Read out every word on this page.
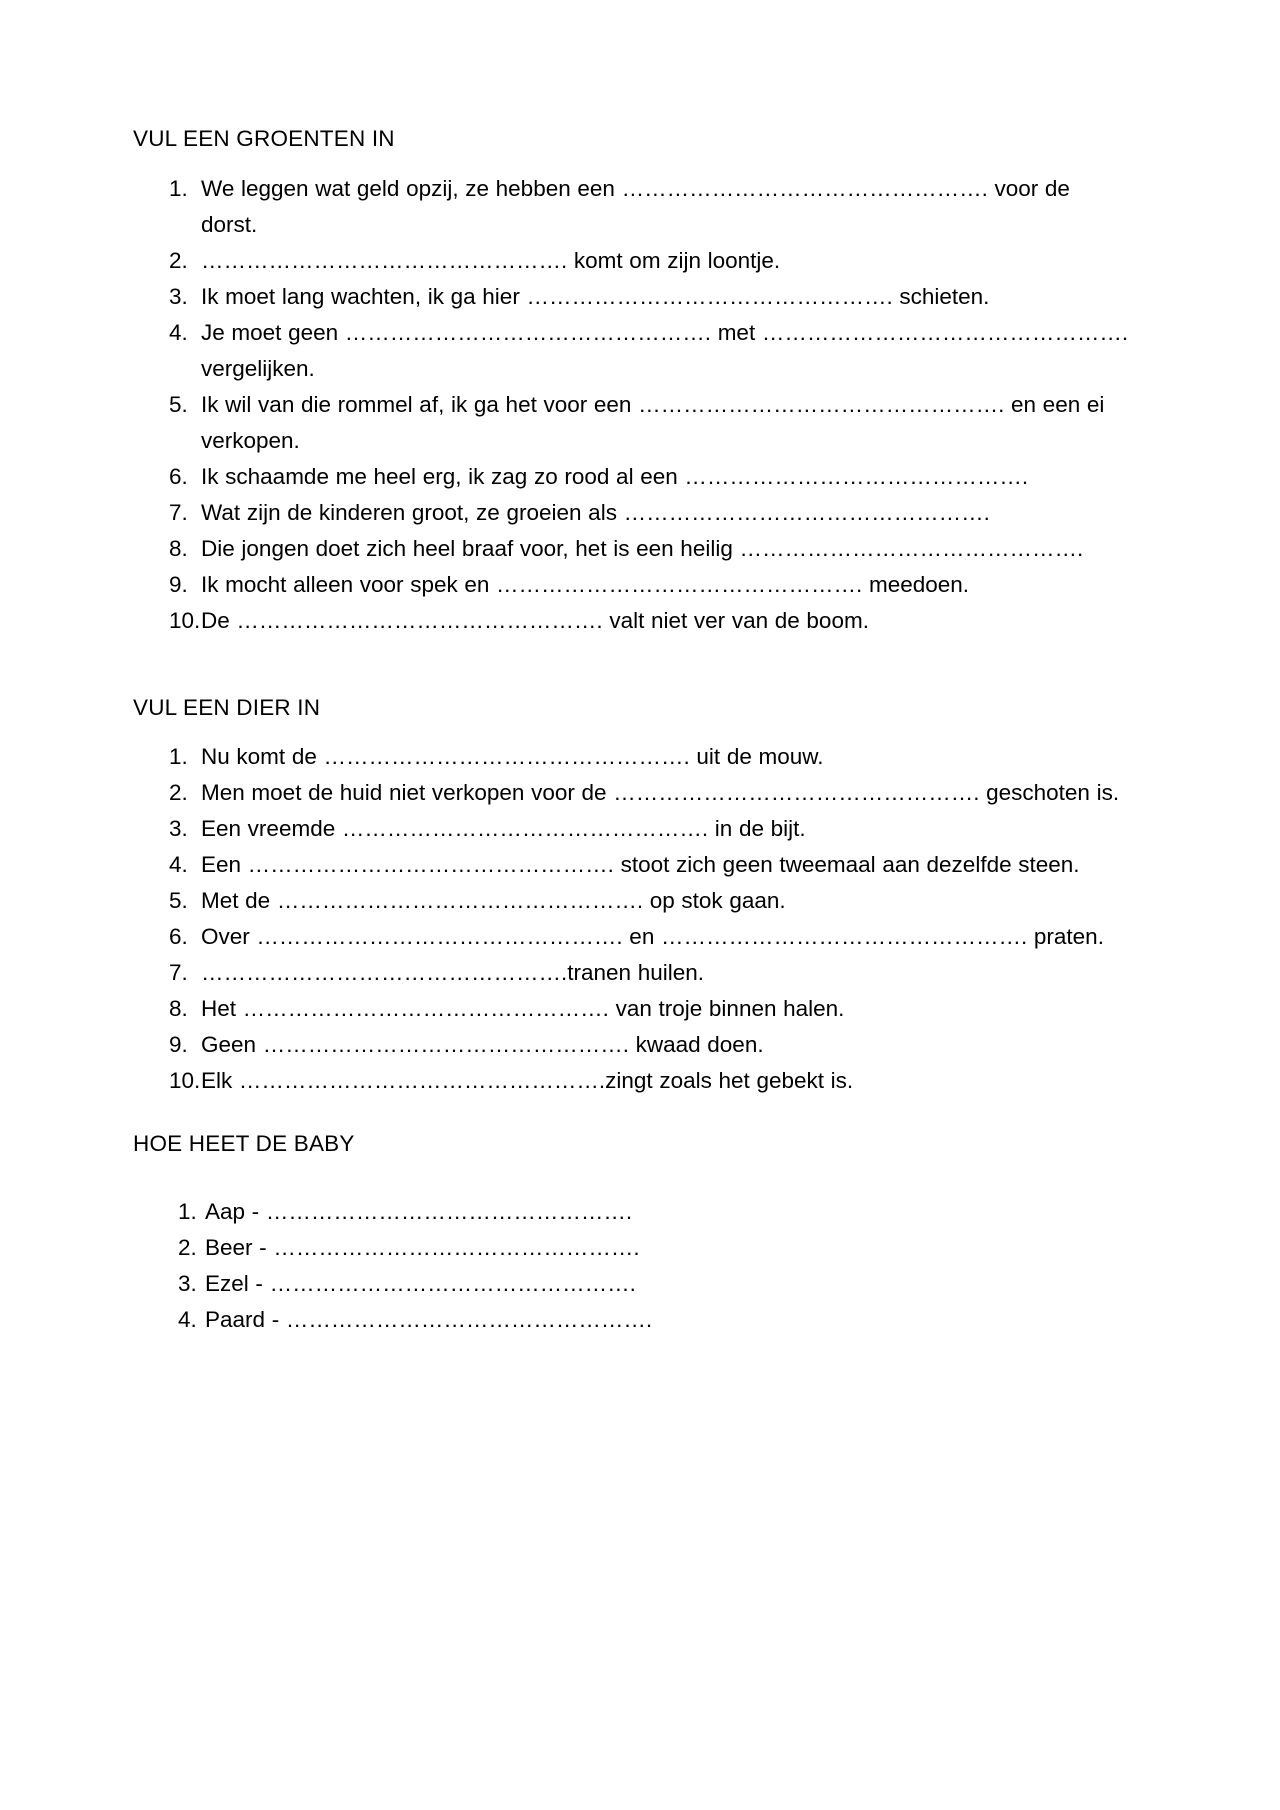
VUL EEN GROENTEN IN
1. We leggen wat geld opzij, ze hebben een …………………………………………. voor de dorst.
2. …………………………………………. komt om zijn loontje.
3. Ik moet lang wachten, ik ga hier …………………………………………. schieten.
4. Je moet geen …………………………………………. met …………………………………………. vergelijken.
5. Ik wil van die rommel af, ik ga het voor een …………………………………………. en een ei verkopen.
6. Ik schaamde me heel erg, ik zag zo rood al een ……………………………………….
7. Wat zijn de kinderen groot, ze groeien als ………………………………………….
8. Die jongen doet zich heel braaf voor, het is een heilig ……………………………………….
9. Ik mocht alleen voor spek en …………………………………………. meedoen.
10. De …………………………………………. valt niet ver van de boom.
VUL EEN DIER IN
1. Nu komt de …………………………………………. uit de mouw.
2. Men moet de huid niet verkopen voor de …………………………………………. geschoten is.
3. Een vreemde …………………………………………. in de bijt.
4. Een …………………………………………. stoot zich geen tweemaal aan dezelfde steen.
5. Met de …………………………………………. op stok gaan.
6. Over …………………………………………. en …………………………………………. praten.
7. ………………………………………….tranen huilen.
8. Het …………………………………………. van troje binnen halen.
9. Geen …………………………………………. kwaad doen.
10. Elk ………………………………………….zingt zoals het gebekt is.
HOE HEET DE BABY
1. Aap - ………………………………………….
2. Beer - ………………………………………….
3. Ezel - ………………………………………….
4. Paard - ………………………………………….
